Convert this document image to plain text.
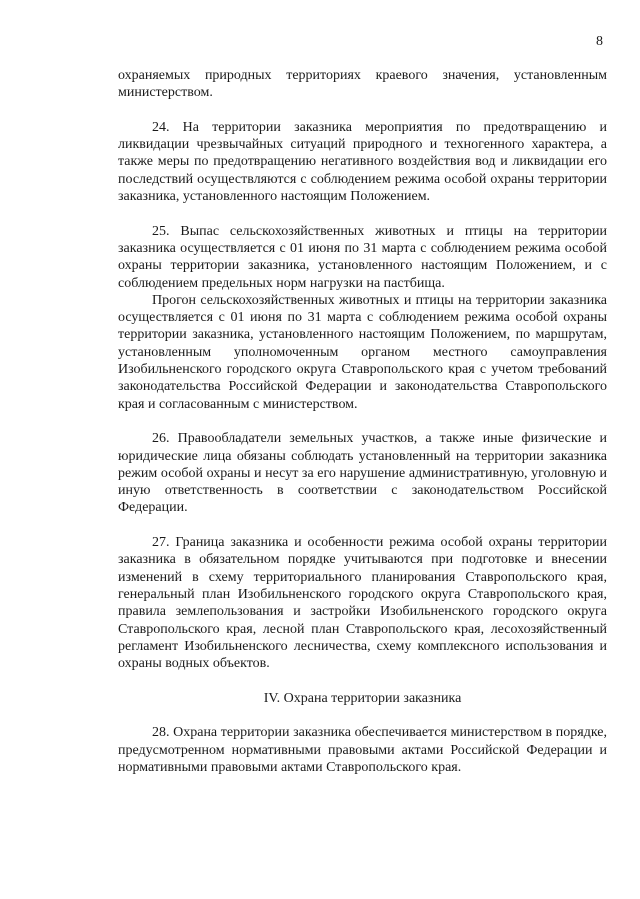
8

охраняемых природных территориях краевого значения, установленным министерством.

24. На территории заказника мероприятия по предотвращению и ликвидации чрезвычайных ситуаций природного и техногенного характера, а также меры по предотвращению негативного воздействия вод и ликвидации его последствий осуществляются с соблюдением режима особой охраны территории заказника, установленного настоящим Положением.

25. Выпас сельскохозяйственных животных и птицы на территории заказника осуществляется с 01 июня по 31 марта с соблюдением режима особой охраны территории заказника, установленного настоящим Положением, и с соблюдением предельных норм нагрузки на пастбища.

Прогон сельскохозяйственных животных и птицы на территории заказника осуществляется с 01 июня по 31 марта с соблюдением режима особой охраны территории заказника, установленного настоящим Положением, по маршрутам, установленным уполномоченным органом местного самоуправления Изобильненского городского округа Ставропольского края с учетом требований законодательства Российской Федерации и законодательства Ставропольского края и согласованным с министерством.

26. Правообладатели земельных участков, а также иные физические и юридические лица обязаны соблюдать установленный на территории заказника режим особой охраны и несут за его нарушение административную, уголовную и иную ответственность в соответствии с законодательством Российской Федерации.

27. Граница заказника и особенности режима особой охраны территории заказника в обязательном порядке учитываются при подготовке и внесении изменений в схему территориального планирования Ставропольского края, генеральный план Изобильненского городского округа Ставропольского края, правила землепользования и застройки Изобильненского городского округа Ставропольского края, лесной план Ставропольского края, лесохозяйственный регламент Изобильненского лесничества, схему комплексного использования и охраны водных объектов.

IV. Охрана территории заказника

28. Охрана территории заказника обеспечивается министерством в порядке, предусмотренном нормативными правовыми актами Российской Федерации и нормативными правовыми актами Ставропольского края.
